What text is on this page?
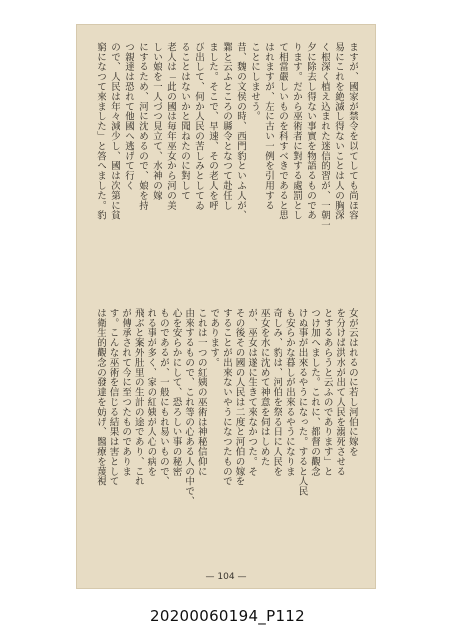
ますが、國家が禁令を以てしても尚ほ容
易にこれを絶滅し得ないことは人の胸深
く根深く植え込まれた迷信的習が、一朝一
夕に除去し得ない事實を物語るものであ
ります。だから巫術者に對する處罰とし
て相當嚴しいものを科すべきであると思
はれますが、左に古い一例を引用する
ことにしませう。
昔、魏の文侯の時、西門豹といふ人が、
鄴と云ふところの縣令となつて赴任し
ました。そこで、早速、その老人を呼
び出して、何か人民の苦しみとしてゐ
ることはないかと聞ねたのに對して
老人は「此の國は毎年巫女から河の美
しい娘を一人づつ見立て、水神の嫁
にするため、河に沈めるので、娘を持
つ親達は恐れて他國へ逃げて行く
ので、人民は年々減少し、國は次第に貧
窮になつて來ました」と答へました。豹
女が云はれるのに若し河伯に嫁を
を分けば洪水が出て人民を溺死させる
とするあらうと云ふのであります」と
つけ加へました。これに、都督の觀念
けぬ事が出來るやうになった。すると人民
も安らかな暮しが出來るやうになりま
奇しみ、豹は、河伯を祭る日に人民を
巫女を水に沈めて神意を伺はしめた
が、巫女は遂に生きて來なかつた。そ
その後その國の人民は二度と河伯の嫁を
することが出來ないやうになつたもので
であります。
これは一つの紅姨の巫術は神秘信仰に
由來するもので、これ等の心ある人の中で、
心を安らかにして、恐ろしい事の秘密
ものであるが、一般にもれ易いもので、
れる事が多く、家の紅姨が人心の病を
飛ぶと案外肚里の生計の途であり、これ
が傳承されて今に至つたものでありま
す。こんな巫術を信じる結果は害として
は衛生的觀念の發達を妨げ、醫療を蔑視
— 104 —
20200060194_P112
